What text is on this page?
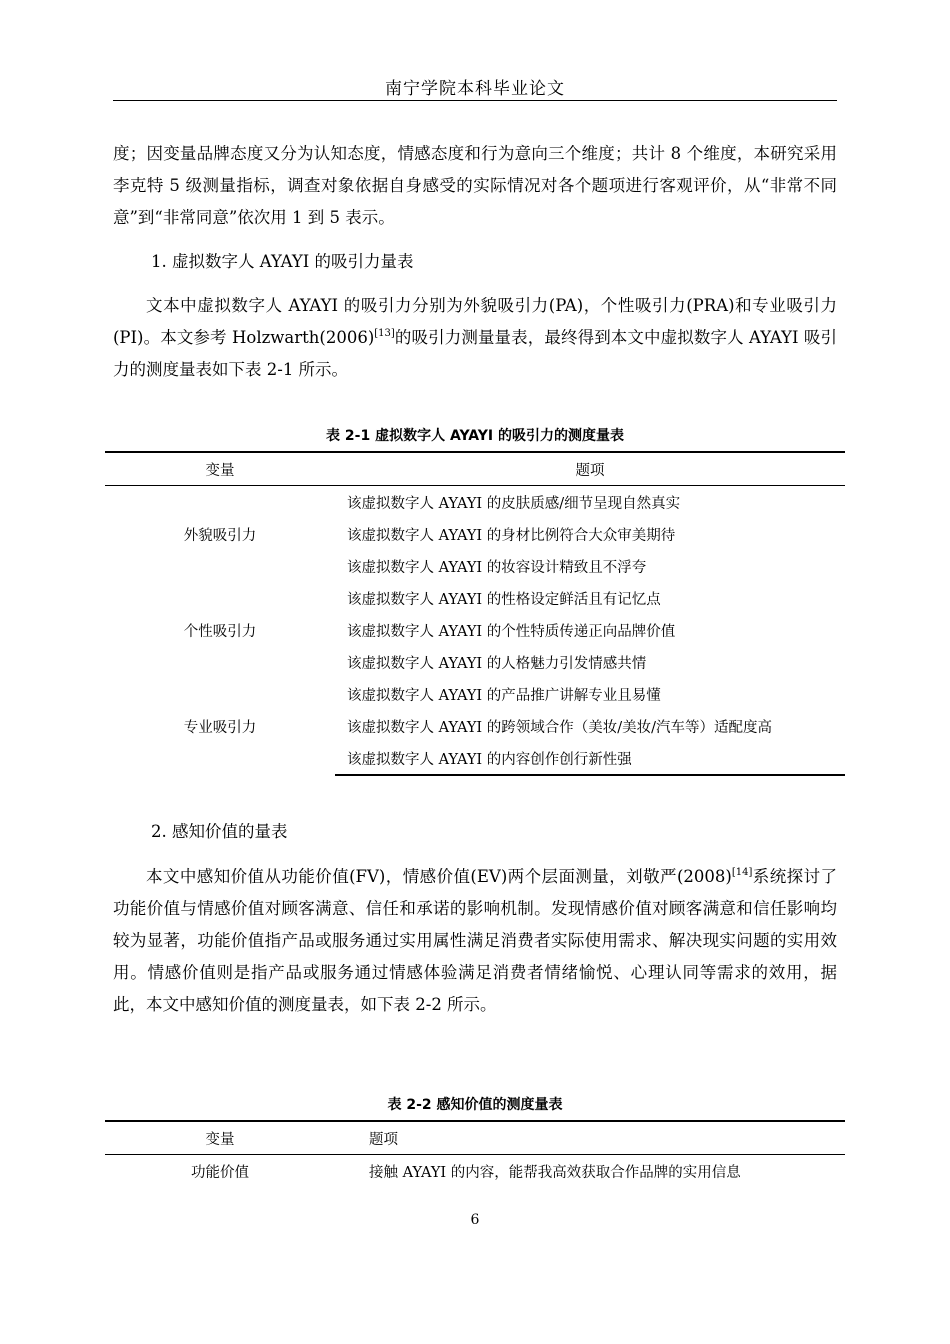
南宁学院本科毕业论文

度；因变量品牌态度又分为认知态度，情感态度和行为意向三个维度；共计 8 个维度，本研究采用李克特 5 级测量指标，调查对象依据自身感受的实际情况对各个题项进行客观评价，从“非常不同意”到“非常同意”依次用 1 到 5 表示。

1. 虚拟数字人 AYAYI 的吸引力量表

文本中虚拟数字人 AYAYI 的吸引力分别为外貌吸引力(PA)，个性吸引力(PRA)和专业吸引力(PI)。本文参考 Holzwarth(2006)[13]的吸引力测量量表，最终得到本文中虚拟数字人 AYAYI 吸引力的测度量表如下表 2-1 所示。

表 2-1 虚拟数字人 AYAYI 的吸引力的测度量表
变量	题项
外貌吸引力	该虚拟数字人 AYAYI 的皮肤质感/细节呈现自然真实
	该虚拟数字人 AYAYI 的身材比例符合大众审美期待
	该虚拟数字人 AYAYI 的妆容设计精致且不浮夸
个性吸引力	该虚拟数字人 AYAYI 的性格设定鲜活且有记忆点
	该虚拟数字人 AYAYI 的个性特质传递正向品牌价值
	该虚拟数字人 AYAYI 的人格魅力引发情感共情
专业吸引力	该虚拟数字人 AYAYI 的产品推广讲解专业且易懂
	该虚拟数字人 AYAYI 的跨领域合作（美妆/美妆/汽车等）适配度高
	该虚拟数字人 AYAYI 的内容创作创行新性强

2. 感知价值的量表

本文中感知价值从功能价值(FV)，情感价值(EV)两个层面测量，刘敬严(2008)[14]系统探讨了功能价值与情感价值对顾客满意、信任和承诺的影响机制。发现情感价值对顾客满意和信任影响均较为显著，功能价值指产品或服务通过实用属性满足消费者实际使用需求、解决现实问题的实用效用。情感价值则是指产品或服务通过情感体验满足消费者情绪愉悦、心理认同等需求的效用，据此，本文中感知价值的测度量表，如下表 2-2 所示。

表 2-2 感知价值的测度量表
变量	题项
功能价值	接触 AYAYI 的内容，能帮我高效获取合作品牌的实用信息
6
